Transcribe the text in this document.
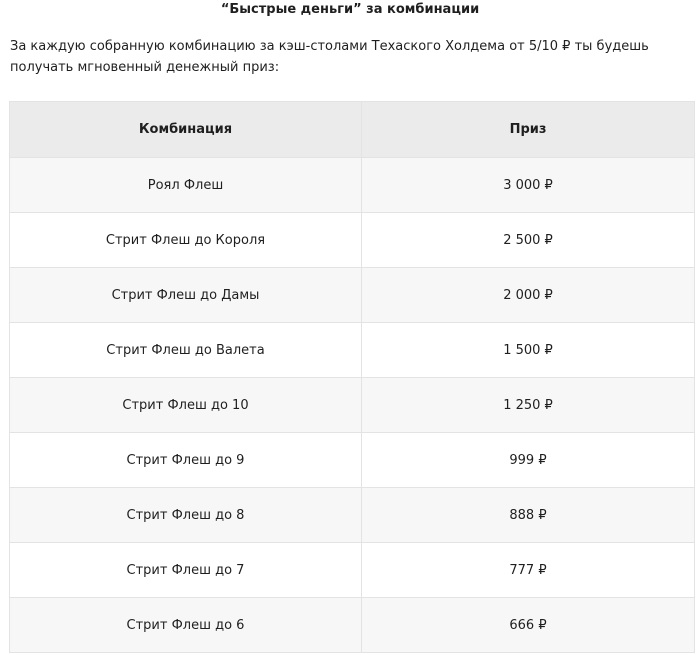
“Быстрые деньги” за комбинации
За каждую собранную комбинацию за кэш-столами Техаского Холдема от 5/10 ₽ ты будешь получать мгновенный денежный приз:
Комбинация	Приз
Роял Флеш	3 000 ₽
Стрит Флеш до Короля	2 500 ₽
Стрит Флеш до Дамы	2 000 ₽
Стрит Флеш до Валета	1 500 ₽
Стрит Флеш до 10	1 250 ₽
Стрит Флеш до 9	999 ₽
Стрит Флеш до 8	888 ₽
Стрит Флеш до 7	777 ₽
Стрит Флеш до 6	666 ₽
